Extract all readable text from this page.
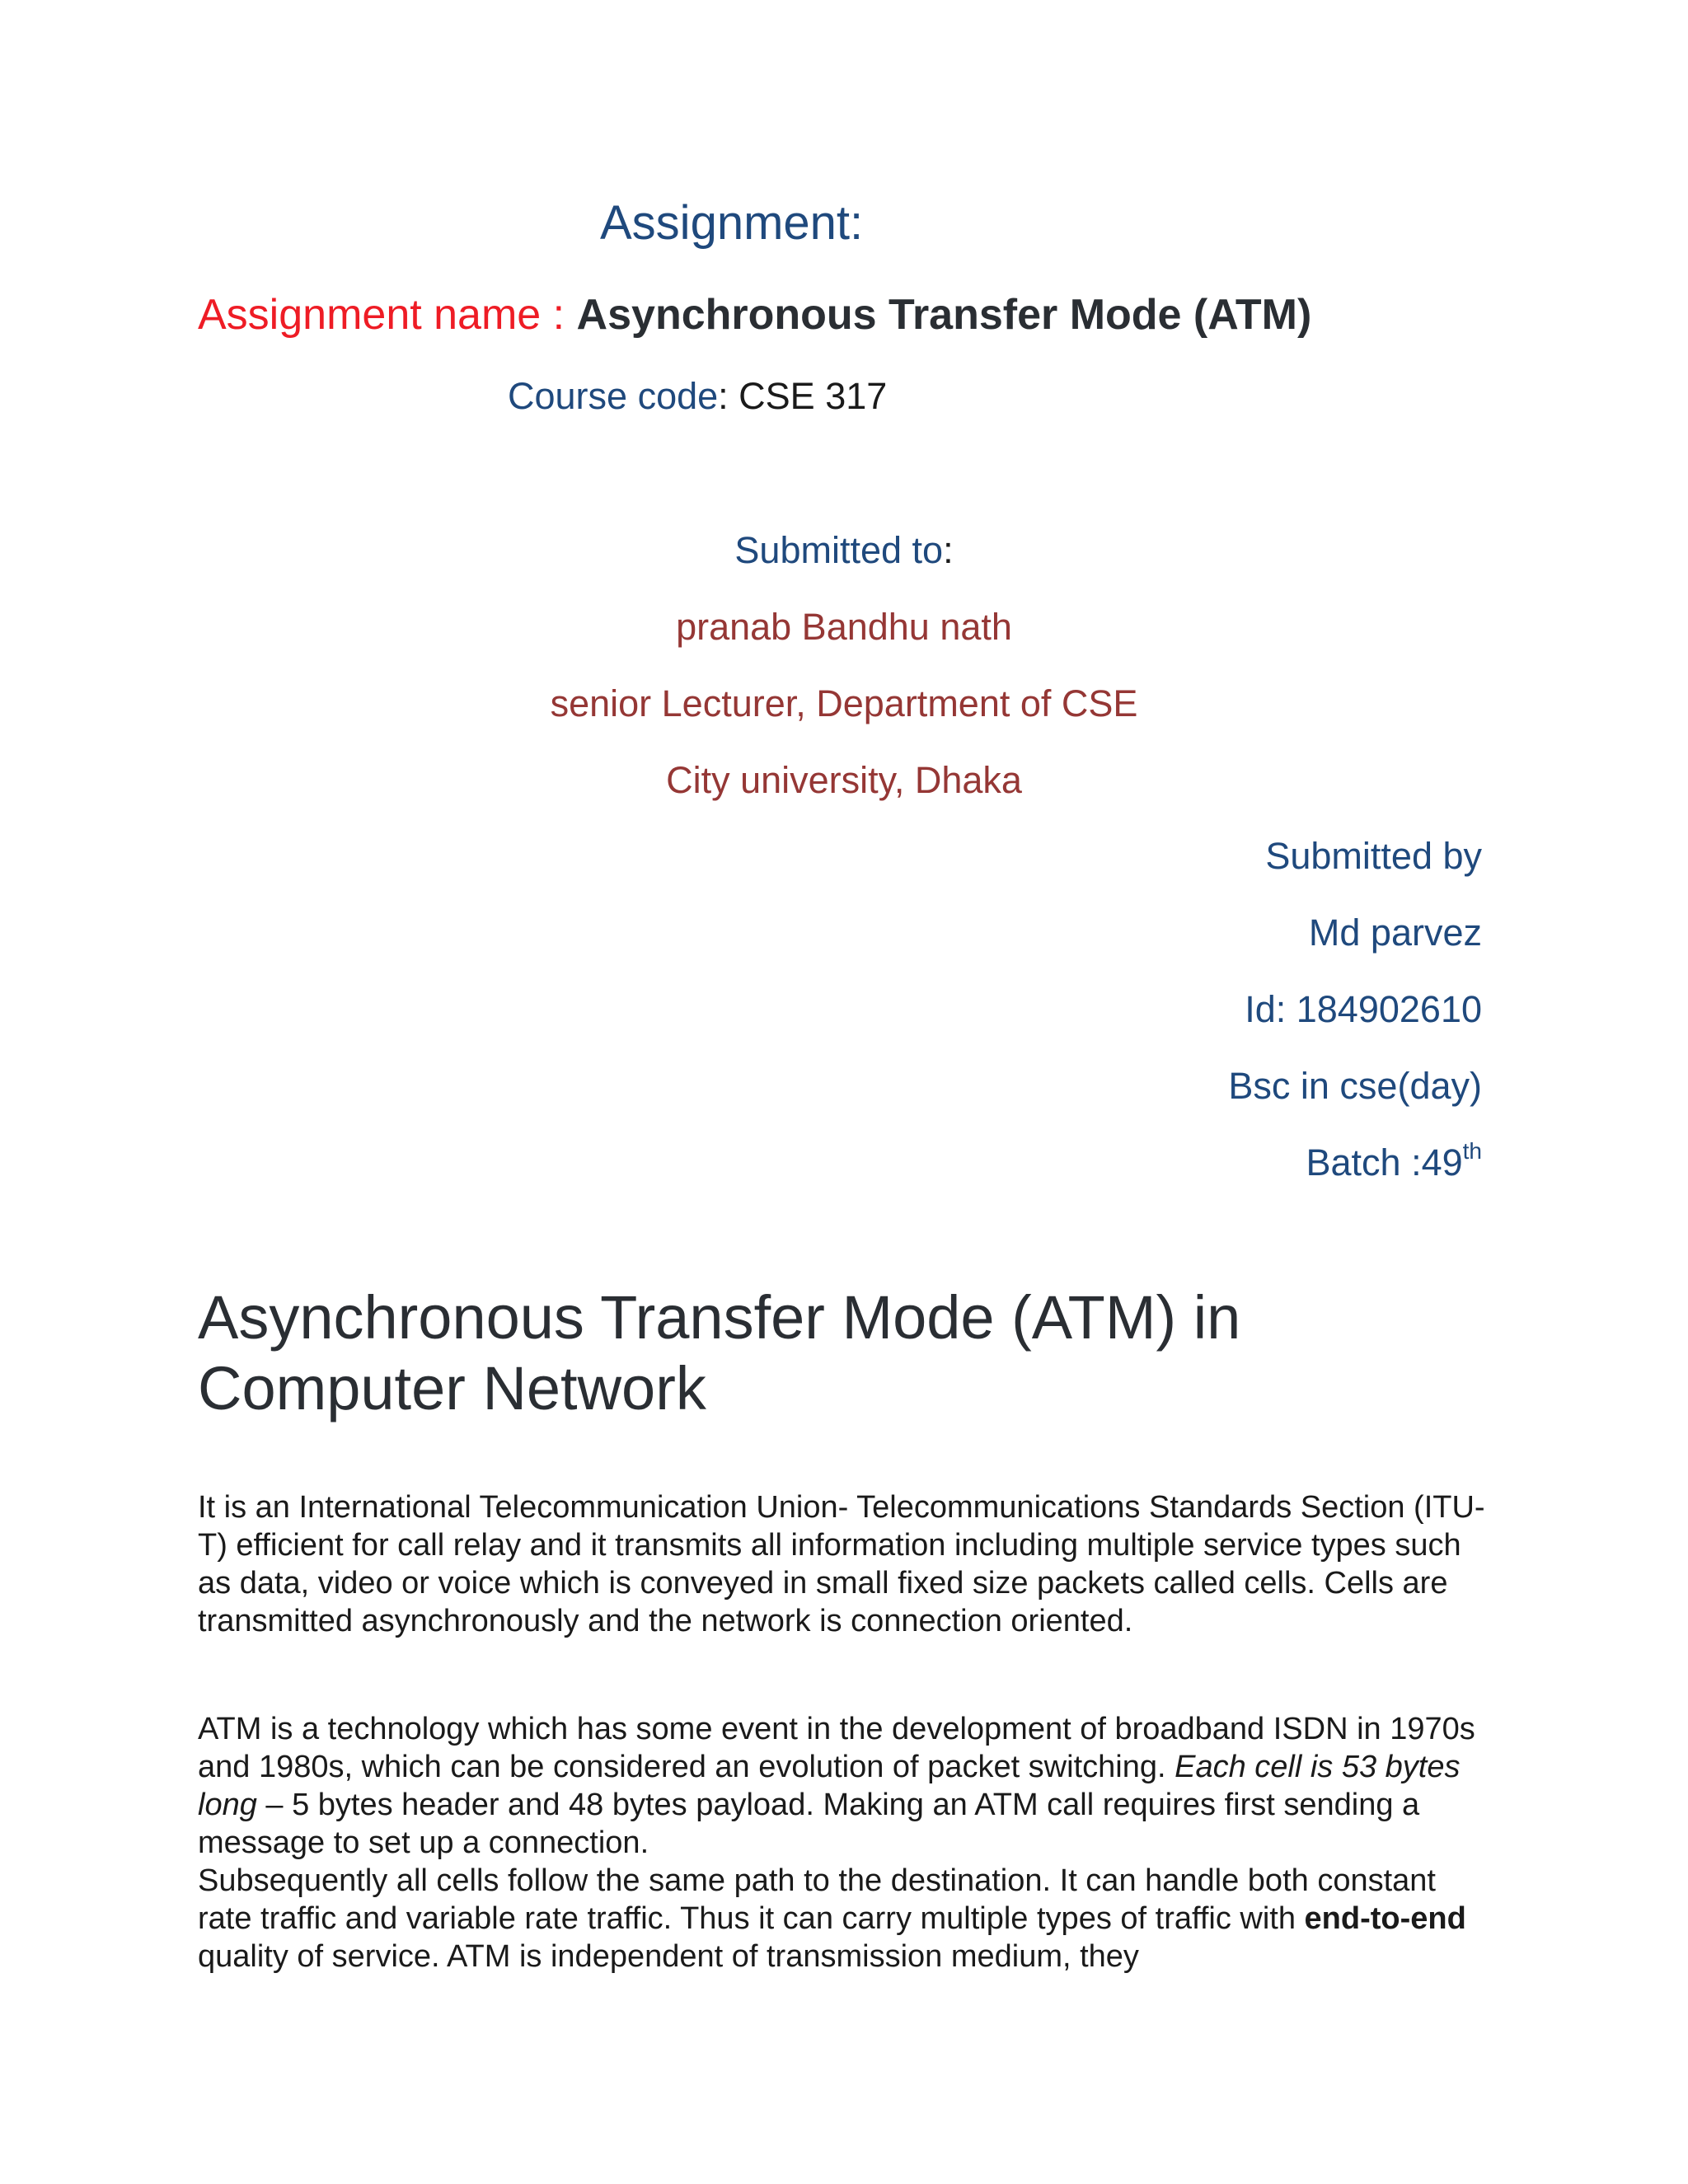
Assignment:
Assignment name : Asynchronous Transfer Mode (ATM)
Course code: CSE 317
Submitted to:
pranab Bandhu nath
senior Lecturer, Department of CSE
City university, Dhaka
Submitted by
Md parvez
Id: 184902610
Bsc in cse(day)
Batch :49th
Asynchronous Transfer Mode (ATM) in Computer Network

It is an International Telecommunication Union- Telecommunications Standards Section (ITU-T) efficient for call relay and it transmits all information including multiple service types such as data, video or voice which is conveyed in small fixed size packets called cells. Cells are transmitted asynchronously and the network is connection oriented.

ATM is a technology which has some event in the development of broadband ISDN in 1970s and 1980s, which can be considered an evolution of packet switching. Each cell is 53 bytes long – 5 bytes header and 48 bytes payload. Making an ATM call requires first sending a message to set up a connection.

Subsequently all cells follow the same path to the destination. It can handle both constant rate traffic and variable rate traffic. Thus it can carry multiple types of traffic with end-to-end quality of service. ATM is independent of transmission medium, they
